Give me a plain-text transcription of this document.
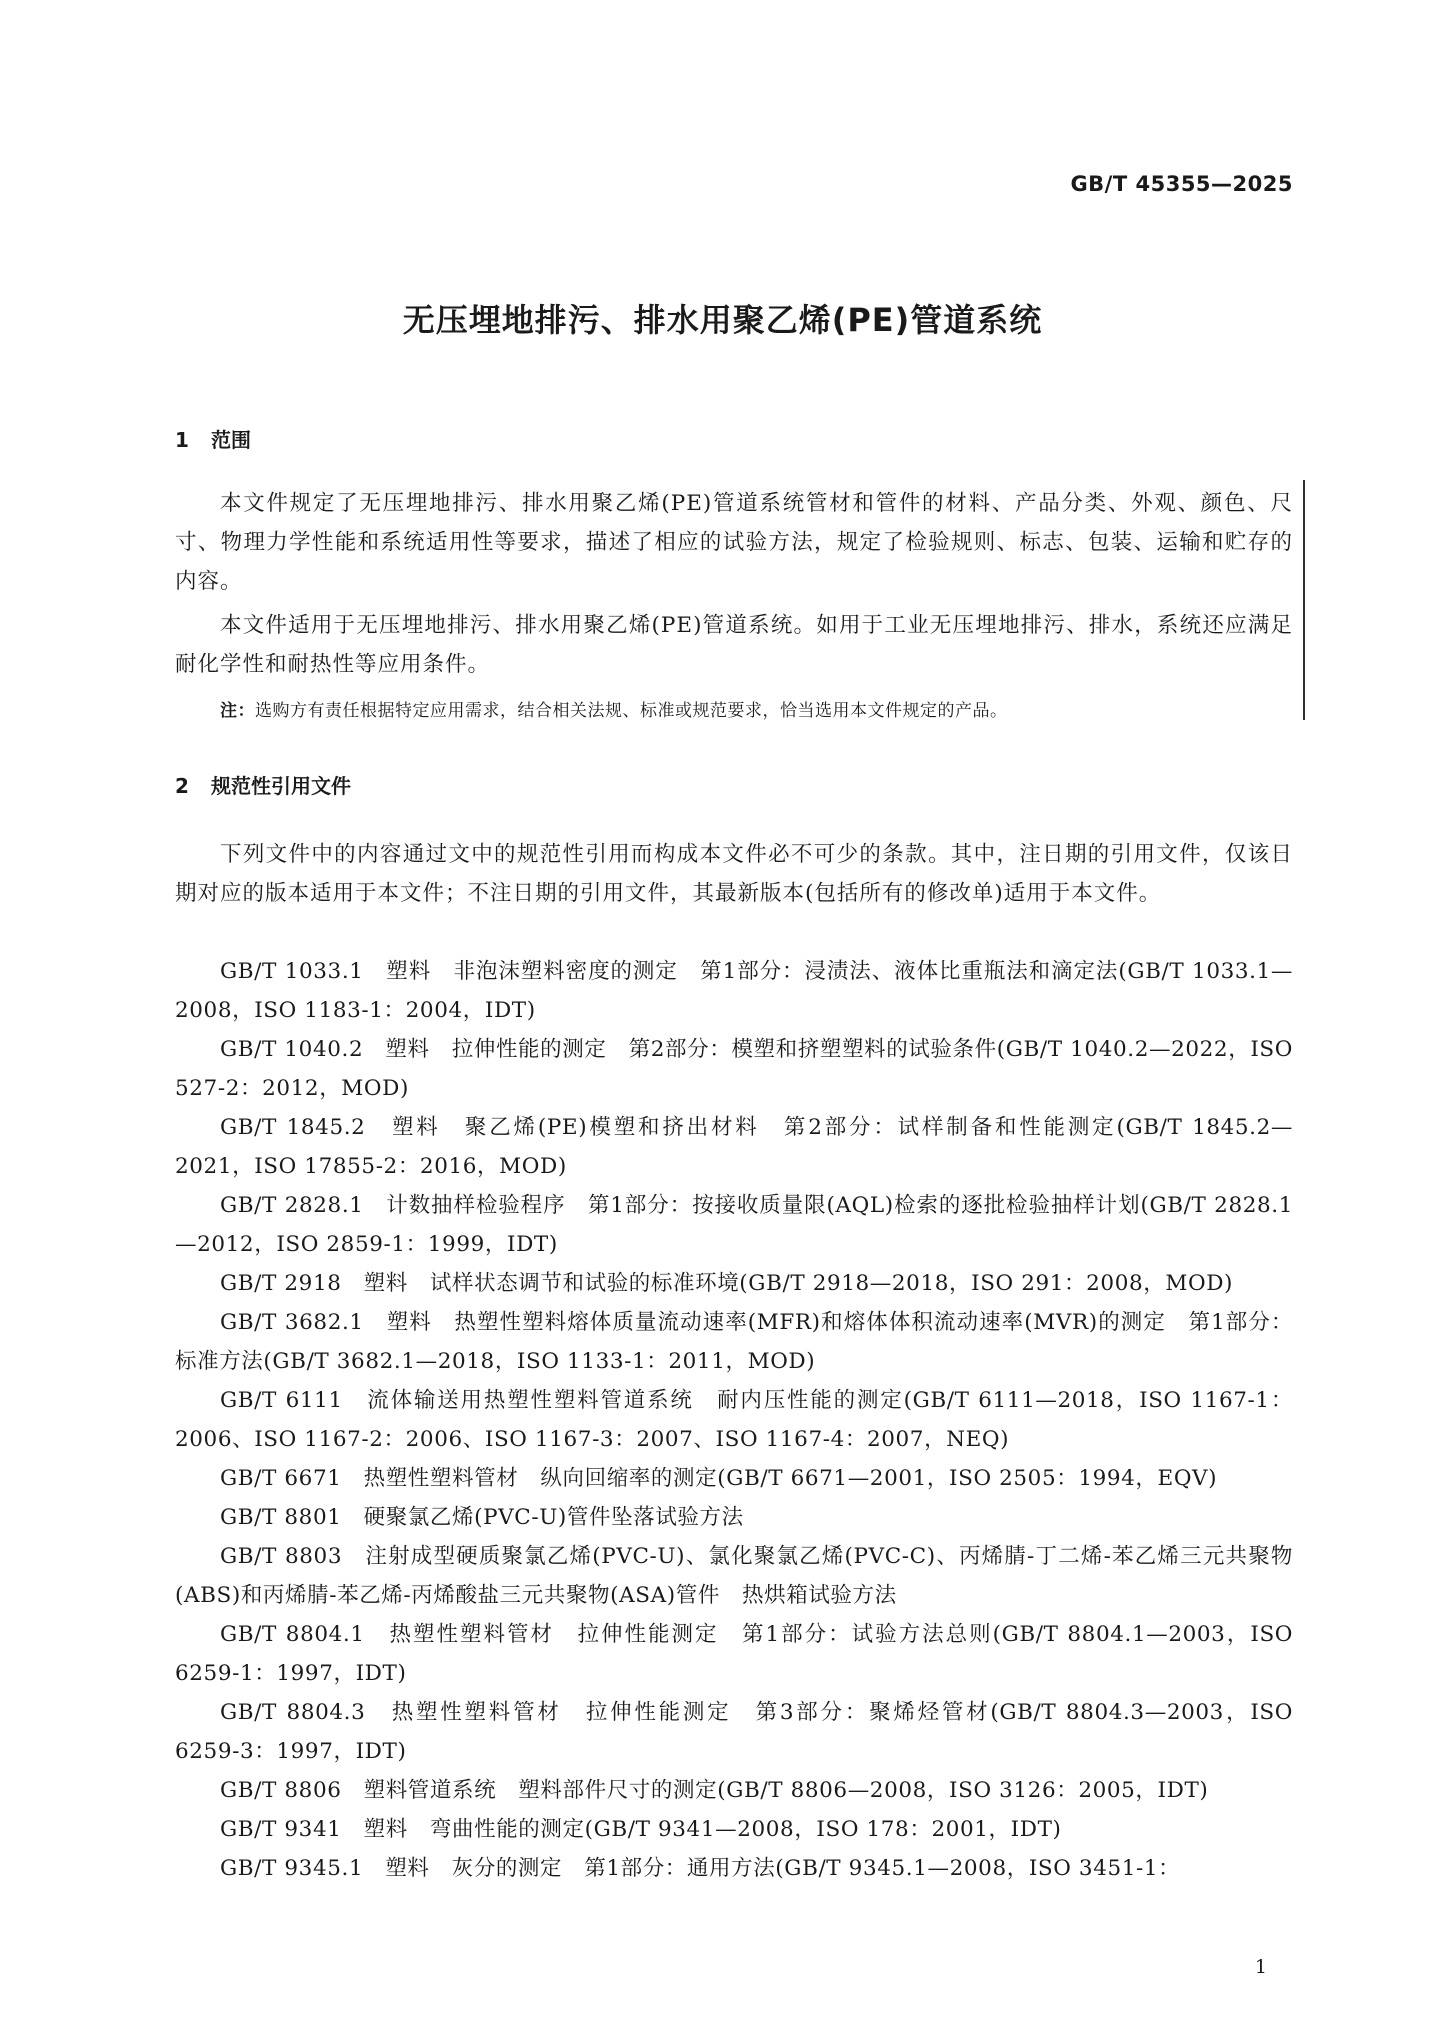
GB/T 45355—2025
无压埋地排污、排水用聚乙烯(PE)管道系统
1 范围

本文件规定了无压埋地排污、排水用聚乙烯(PE)管道系统管材和管件的材料、产品分类、外观、颜色、尺寸、物理力学性能和系统适用性等要求，描述了相应的试验方法，规定了检验规则、标志、包装、运输和贮存的内容。

本文件适用于无压埋地排污、排水用聚乙烯(PE)管道系统。如用于工业无压埋地排污、排水，系统还应满足耐化学性和耐热性等应用条件。

注：选购方有责任根据特定应用需求，结合相关法规、标准或规范要求，恰当选用本文件规定的产品。
2 规范性引用文件

下列文件中的内容通过文中的规范性引用而构成本文件必不可少的条款。其中，注日期的引用文件，仅该日期对应的版本适用于本文件；不注日期的引用文件，其最新版本(包括所有的修改单)适用于本文件。

GB/T 1033.1　塑料　非泡沫塑料密度的测定　第1部分：浸渍法、液体比重瓶法和滴定法(GB/T 1033.1—2008，ISO 1183-1：2004，IDT)

GB/T 1040.2　塑料　拉伸性能的测定　第2部分：模塑和挤塑塑料的试验条件(GB/T 1040.2—2022，ISO 527-2：2012，MOD)

GB/T 1845.2　塑料　聚乙烯(PE)模塑和挤出材料　第2部分：试样制备和性能测定(GB/T 1845.2—2021，ISO 17855-2：2016，MOD)

GB/T 2828.1　计数抽样检验程序　第1部分：按接收质量限(AQL)检索的逐批检验抽样计划(GB/T 2828.1—2012，ISO 2859-1：1999，IDT)

GB/T 2918　塑料　试样状态调节和试验的标准环境(GB/T 2918—2018，ISO 291：2008，MOD)

GB/T 3682.1　塑料　热塑性塑料熔体质量流动速率(MFR)和熔体体积流动速率(MVR)的测定　第1部分：标准方法(GB/T 3682.1—2018，ISO 1133-1：2011，MOD)

GB/T 6111　流体输送用热塑性塑料管道系统　耐内压性能的测定(GB/T 6111—2018，ISO 1167-1：2006、ISO 1167-2：2006、ISO 1167-3：2007、ISO 1167-4：2007，NEQ)

GB/T 6671　热塑性塑料管材　纵向回缩率的测定(GB/T 6671—2001，ISO 2505：1994，EQV)

GB/T 8801　硬聚氯乙烯(PVC-U)管件坠落试验方法

GB/T 8803　注射成型硬质聚氯乙烯(PVC-U)、氯化聚氯乙烯(PVC-C)、丙烯腈-丁二烯-苯乙烯三元共聚物(ABS)和丙烯腈-苯乙烯-丙烯酸盐三元共聚物(ASA)管件　热烘箱试验方法

GB/T 8804.1　热塑性塑料管材　拉伸性能测定　第1部分：试验方法总则(GB/T 8804.1—2003，ISO 6259-1：1997，IDT)

GB/T 8804.3　热塑性塑料管材　拉伸性能测定　第3部分：聚烯烃管材(GB/T 8804.3—2003，ISO 6259-3：1997，IDT)

GB/T 8806　塑料管道系统　塑料部件尺寸的测定(GB/T 8806—2008，ISO 3126：2005，IDT)

GB/T 9341　塑料　弯曲性能的测定(GB/T 9341—2008，ISO 178：2001，IDT)

GB/T 9345.1　塑料　灰分的测定　第1部分：通用方法(GB/T 9345.1—2008，ISO 3451-1：

1
